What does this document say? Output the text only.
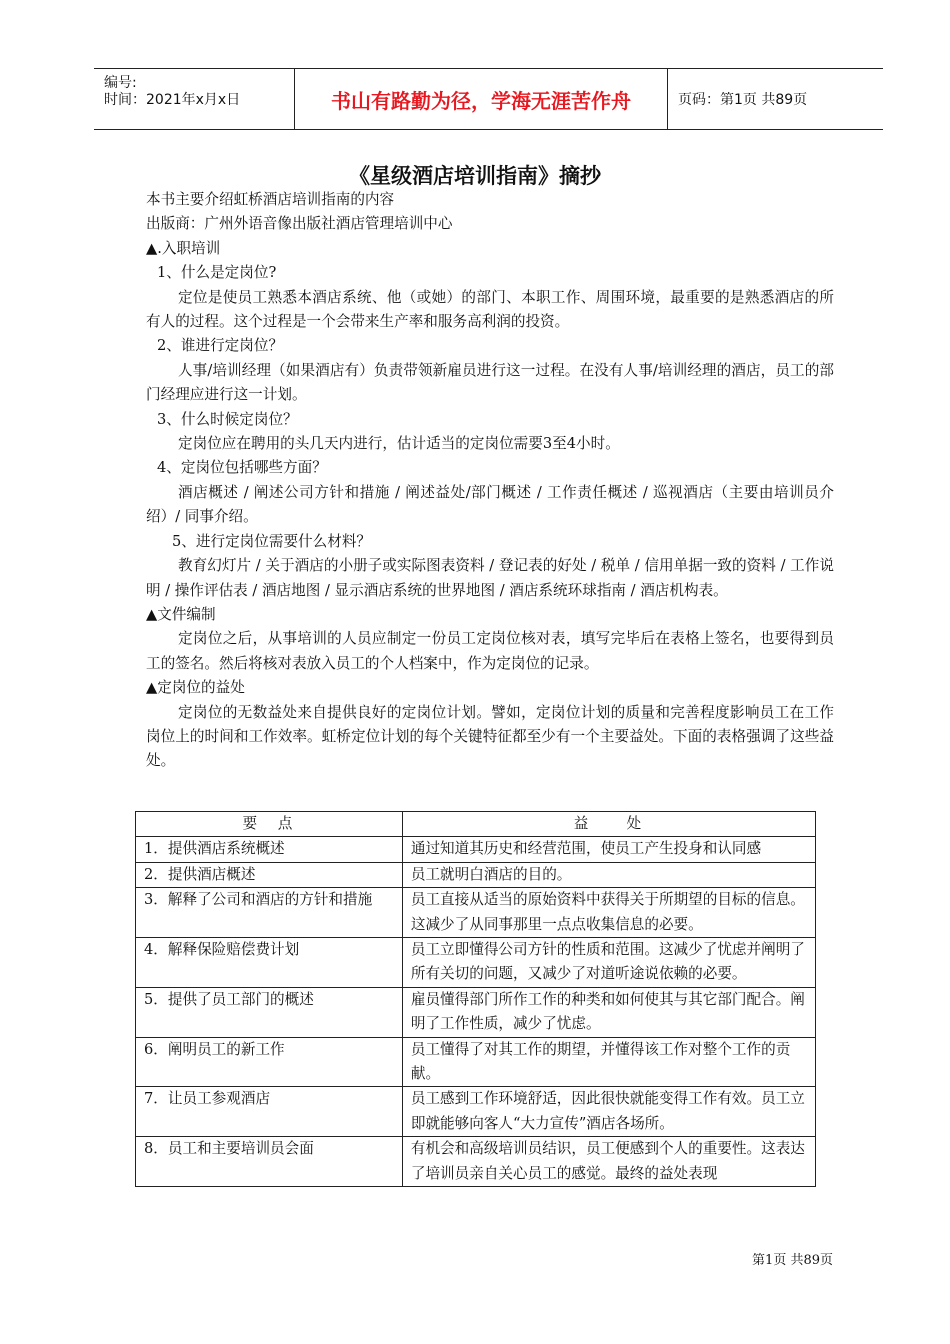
编号:
时间：2021年x月x日	书山有路勤为径，学海无涯苦作舟	页码：第1页 共89页
《星级酒店培训指南》摘抄

本书主要介绍虹桥酒店培训指南的内容

出版商：广州外语音像出版社酒店管理培训中心

▲.入职培训

1、什么是定岗位?

定位是使员工熟悉本酒店系统、他（或她）的部门、本职工作、周围环境，最重要的是熟悉酒店的所有人的过程。这个过程是一个会带来生产率和服务高利润的投资。

2、谁进行定岗位？

人事/培训经理（如果酒店有）负责带领新雇员进行这一过程。在没有人事/培训经理的酒店，员工的部门经理应进行这一计划。

3、什么时候定岗位？

定岗位应在聘用的头几天内进行，估计适当的定岗位需要3至4小时。

4、定岗位包括哪些方面？

酒店概述 / 阐述公司方针和措施 / 阐述益处/部门概述 / 工作责任概述 / 巡视酒店（主要由培训员介绍）/ 同事介绍。

5、进行定岗位需要什么材料？

教育幻灯片 / 关于酒店的小册子或实际图表资料 / 登记表的好处 / 税单 / 信用单据一致的资料 / 工作说明 / 操作评估表 / 酒店地图 / 显示酒店系统的世界地图 / 酒店系统环球指南 / 酒店机构表。

▲文件编制

定岗位之后，从事培训的人员应制定一份员工定岗位核对表，填写完毕后在表格上签名，也要得到员工的签名。然后将核对表放入员工的个人档案中，作为定岗位的记录。

▲定岗位的益处

定岗位的无数益处来自提供良好的定岗位计划。譬如，定岗位计划的质量和完善程度影响员工在工作岗位上的时间和工作效率。虹桥定位计划的每个关键特征都至少有一个主要益处。下面的表格强调了这些益处。

要　点	益　　处
1．提供酒店系统概述	通过知道其历史和经营范围，使员工产生投身和认同感
2．提供酒店概述	员工就明白酒店的目的。
3．解释了公司和酒店的方针和措施	员工直接从适当的原始资料中获得关于所期望的目标的信息。这减少了从同事那里一点点收集信息的必要。
4．解释保险赔偿费计划	员工立即懂得公司方针的性质和范围。这减少了忧虑并阐明了所有关切的问题，又减少了对道听途说依赖的必要。
5．提供了员工部门的概述	雇员懂得部门所作工作的种类和如何使其与其它部门配合。阐明了工作性质，减少了忧虑。
6．阐明员工的新工作	员工懂得了对其工作的期望，并懂得该工作对整个工作的贡献。
7．让员工参观酒店	员工感到工作环境舒适，因此很快就能变得工作有效。员工立即就能够向客人“大力宣传”酒店各场所。
8．员工和主要培训员会面	有机会和高级培训员结识，员工便感到个人的重要性。这表达了培训员亲自关心员工的感觉。最终的益处表现
第1页 共89页
